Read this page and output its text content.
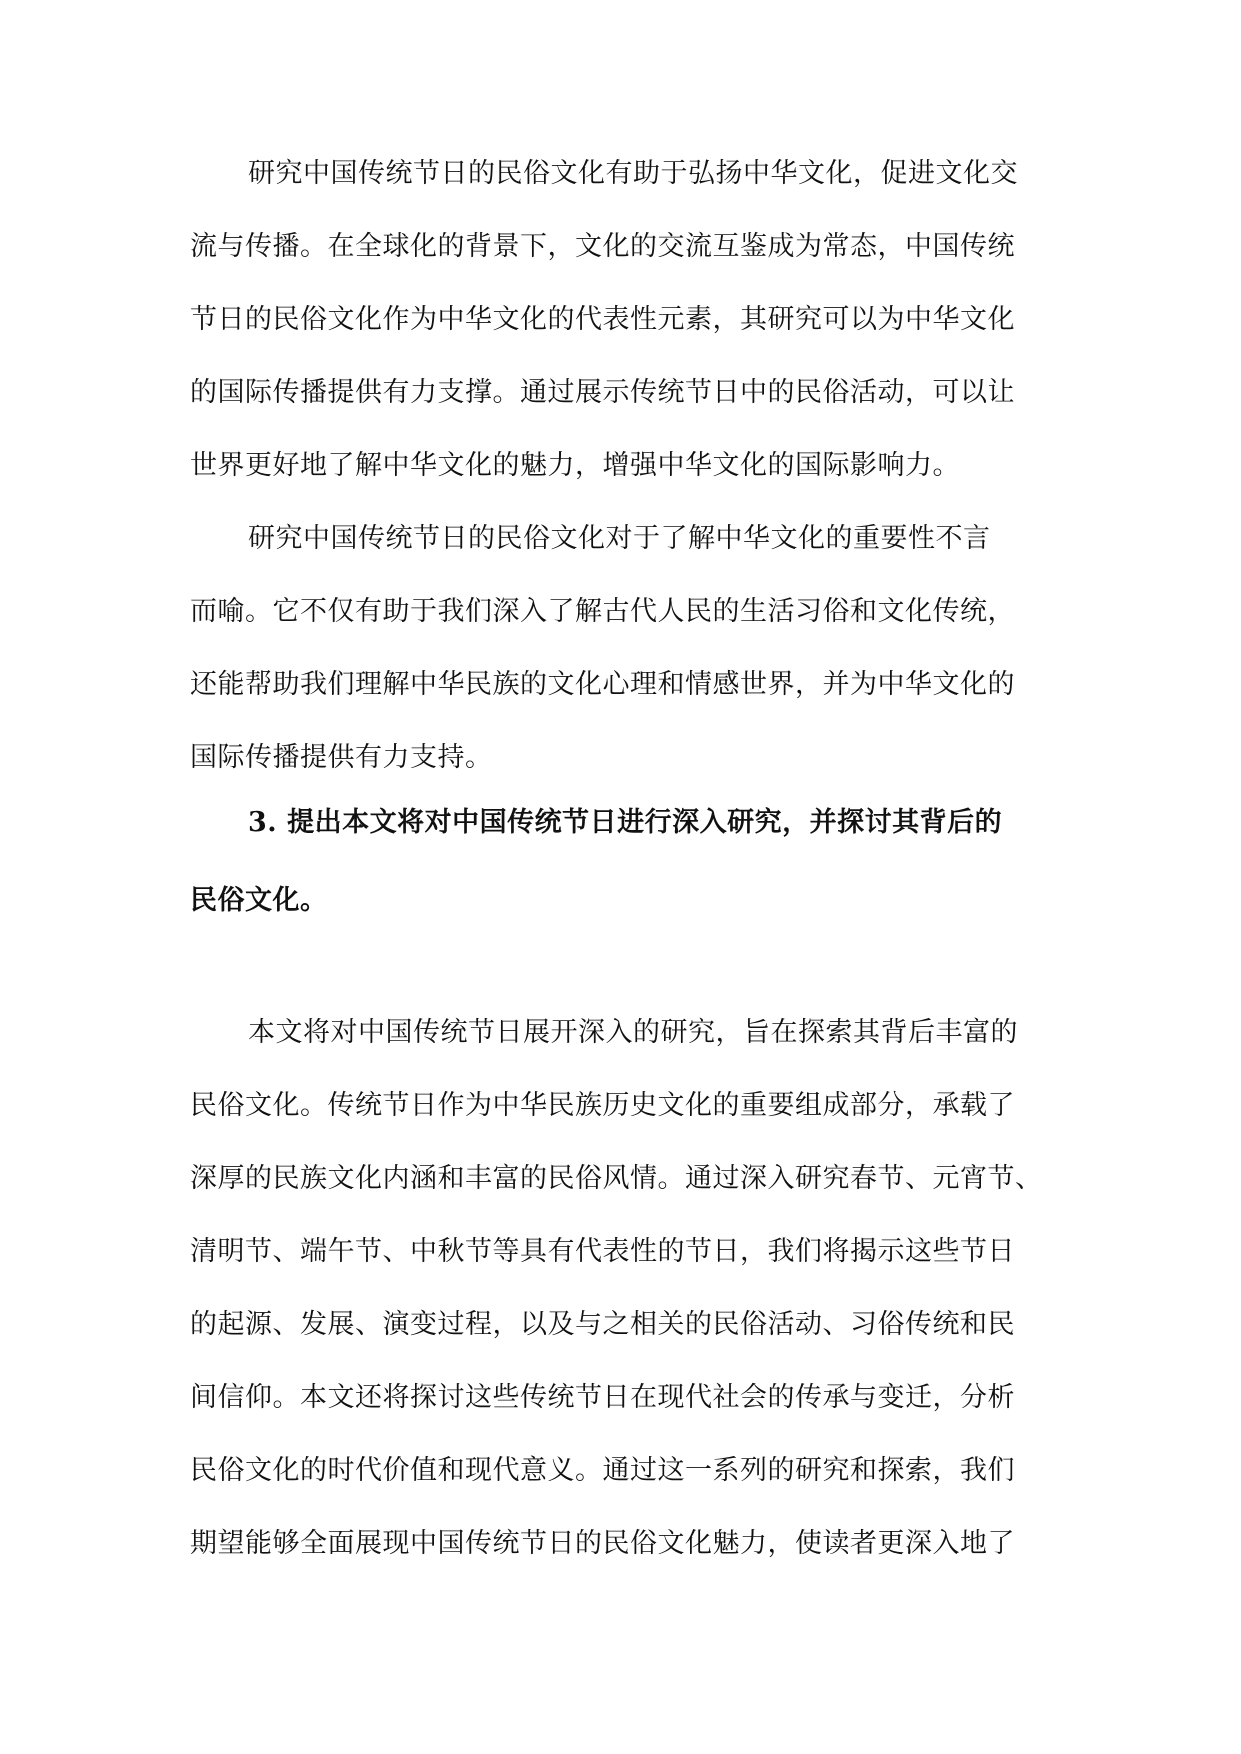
研究中国传统节日的民俗文化有助于弘扬中华文化，促进文化交
流与传播。在全球化的背景下，文化的交流互鉴成为常态，中国传统
节日的民俗文化作为中华文化的代表性元素，其研究可以为中华文化
的国际传播提供有力支撑。通过展示传统节日中的民俗活动，可以让
世界更好地了解中华文化的魅力，增强中华文化的国际影响力。
研究中国传统节日的民俗文化对于了解中华文化的重要性不言
而喻。它不仅有助于我们深入了解古代人民的生活习俗和文化传统，
还能帮助我们理解中华民族的文化心理和情感世界，并为中华文化的
国际传播提供有力支持。
3. 提出本文将对中国传统节日进行深入研究，并探讨其背后的
民俗文化。
本文将对中国传统节日展开深入的研究，旨在探索其背后丰富的
民俗文化。传统节日作为中华民族历史文化的重要组成部分，承载了
深厚的民族文化内涵和丰富的民俗风情。通过深入研究春节、元宵节、
清明节、端午节、中秋节等具有代表性的节日，我们将揭示这些节日
的起源、发展、演变过程，以及与之相关的民俗活动、习俗传统和民
间信仰。本文还将探讨这些传统节日在现代社会的传承与变迁，分析
民俗文化的时代价值和现代意义。通过这一系列的研究和探索，我们
期望能够全面展现中国传统节日的民俗文化魅力，使读者更深入地了
